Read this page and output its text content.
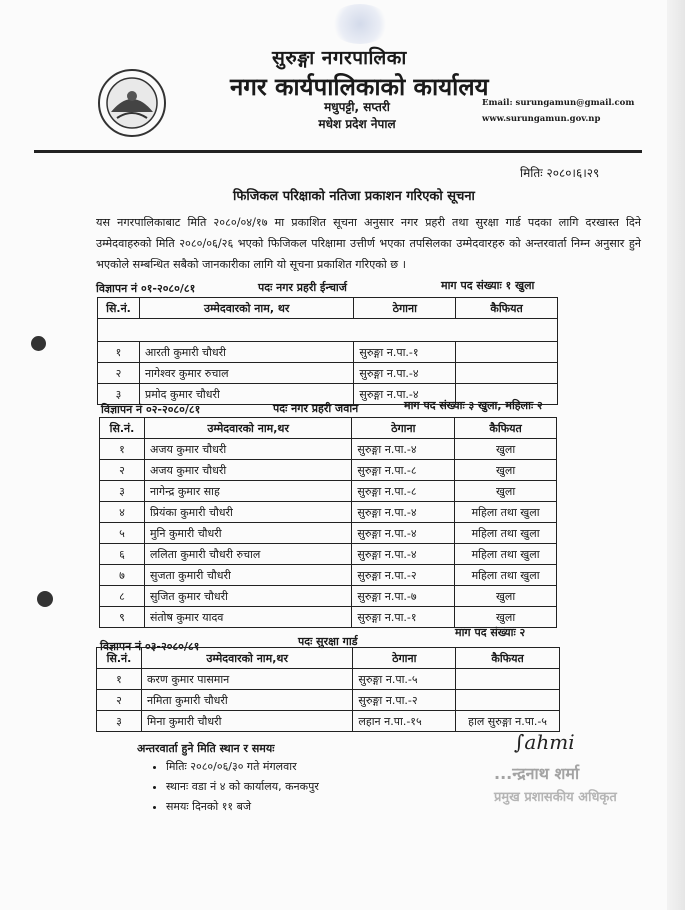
सुरुङ्गा नगरपालिका
नगर कार्यपालिकाको कार्यालय
मधुपट्टी, सप्तरी
मधेश प्रदेश नेपाल
Email: surungamun@gmail.com
www.surungamun.gov.np
मितिः २०८०।६।२९
फिजिकल परिक्षाको नतिजा प्रकाशन गरिएको सूचना
यस नगरपालिकाबाट मिति २०८०/०४/१७ मा प्रकाशित सूचना अनुसार नगर प्रहरी तथा सुरक्षा गार्ड पदका लागि दरखास्त दिने उम्मेदवाहरुको मिति २०८०/०६/२६ भएको फिजिकल परिक्षामा उत्तीर्ण भएका तपसिलका उम्मेदवारहरु को अन्तरवार्ता निम्न अनुसार हुने भएकोले सम्बन्धित सबैको जानकारीका लागि यो सूचना प्रकाशित गरिएको छ ।
विज्ञापन नं ०१-२०८०/८१	पदः नगर प्रहरी ईन्चार्ज	माग पद संख्याः १ खुला
सि.नं.	उम्मेदवारको नाम, थर	ठेगाना	कैफियत

१	आरती कुमारी चौधरी	सुरुङ्गा न.पा.-१	
२	नागेश्वर कुमार रुचाल	सुरुङ्गा न.पा.-४	
३	प्रमोद कुमार चौधरी	सुरुङ्गा न.पा.-४	
विज्ञापन नं ०२-२०८०/८१	पदः नगर प्रहरी जवान	माग पद संख्याः ३ खुला, महिलाः २
सि.नं.	उम्मेदवारको नाम,थर	ठेगाना	कैफियत
१	अजय कुमार चौधरी	सुरुङ्गा न.पा.-४	खुला
२	अजय कुमार चौधरी	सुरुङ्गा न.पा.-८	खुला
३	नागेन्द्र कुमार साह	सुरुङ्गा न.पा.-८	खुला
४	प्रियंका कुमारी चौधरी	सुरुङ्गा न.पा.-४	महिला तथा खुला
५	मुनि कुमारी चौधरी	सुरुङ्गा न.पा.-४	महिला तथा खुला
६	ललिता कुमारी चौधरी रुचाल	सुरुङ्गा न.पा.-४	महिला तथा खुला
७	सुजता कुमारी चौधरी	सुरुङ्गा न.पा.-२	महिला तथा खुला
८	सुजित कुमार चौधरी	सुरुङ्गा न.पा.-७	खुला
९	संतोष कुमार यादव	सुरुङ्गा न.पा.-१	खुला
विज्ञापन नं ०३-२०८०/८१	पदः सुरक्षा गार्ड
माग पद संख्याः २
सि.नं.	उम्मेदवारको नाम,थर	ठेगाना	कैफियत
१	करण कुमार पासमान	सुरुङ्गा न.पा.-५	
२	नमिता कुमारी चौधरी	सुरुङ्गा न.पा.-२	
३	मिना कुमारी चौधरी	लहान न.पा.-१५	हाल सुरुङ्गा न.पा.-५
अन्तरवार्ता हुने मिति स्थान र समयः
• मितिः २०८०/०६/३० गते मंगलवार
• स्थानः वडा नं ४ को कार्यालय, कनकपुर
• समयः दिनको ११ बजे
∫ahmi
...न्द्रनाथ शर्मा
प्रमुख प्रशासकीय अधिकृत
